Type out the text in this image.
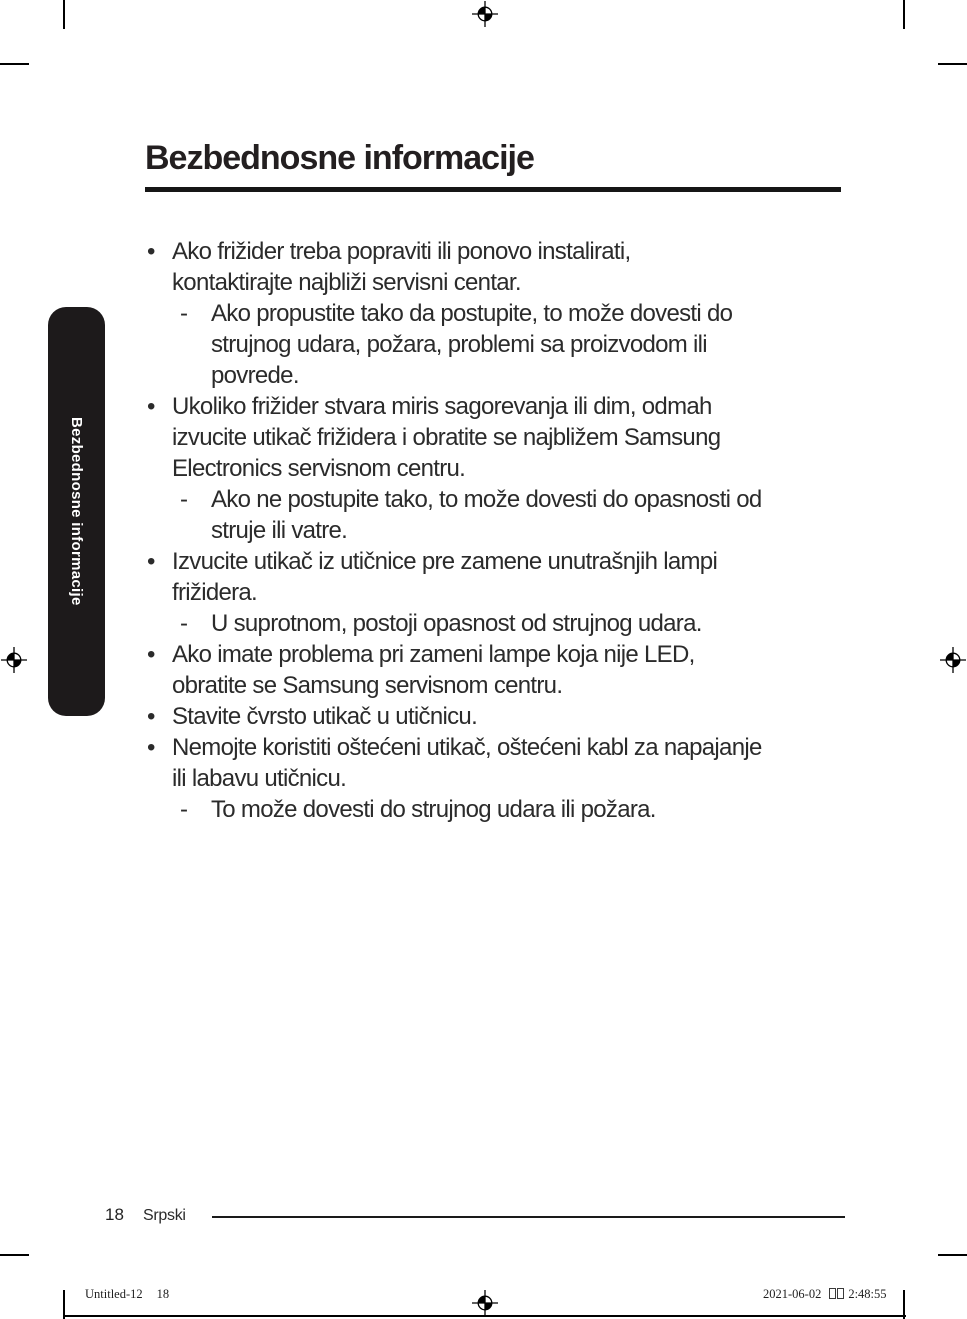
Bezbednosne informacije
• Ako frižider treba popraviti ili ponovo instalirati,
kontaktirajte najbliži servisni centar.
- Ako propustite tako da postupite, to može dovesti do
strujnog udara, požara, problemi sa proizvodom ili
povrede.
• Ukoliko frižider stvara miris sagorevanja ili dim, odmah
izvucite utikač frižidera i obratite se najbližem Samsung
Electronics servisnom centru.
- Ako ne postupite tako, to može dovesti do opasnosti od
struje ili vatre.
• Izvucite utikač iz utičnice pre zamene unutrašnjih lampi
frižidera.
- U suprotnom, postoji opasnost od strujnog udara.
• Ako imate problema pri zameni lampe koja nije LED,
obratite se Samsung servisnom centru.
• Stavite čvrsto utikač u utičnicu.
• Nemojte koristiti oštećeni utikač, oštećeni kabl za napajanje
ili labavu utičnicu.
- To može dovesti do strujnog udara ili požara.
Bezbednosne informacije
18 Srpski
Untitled-12 18	2021-06-02 2:48:55
